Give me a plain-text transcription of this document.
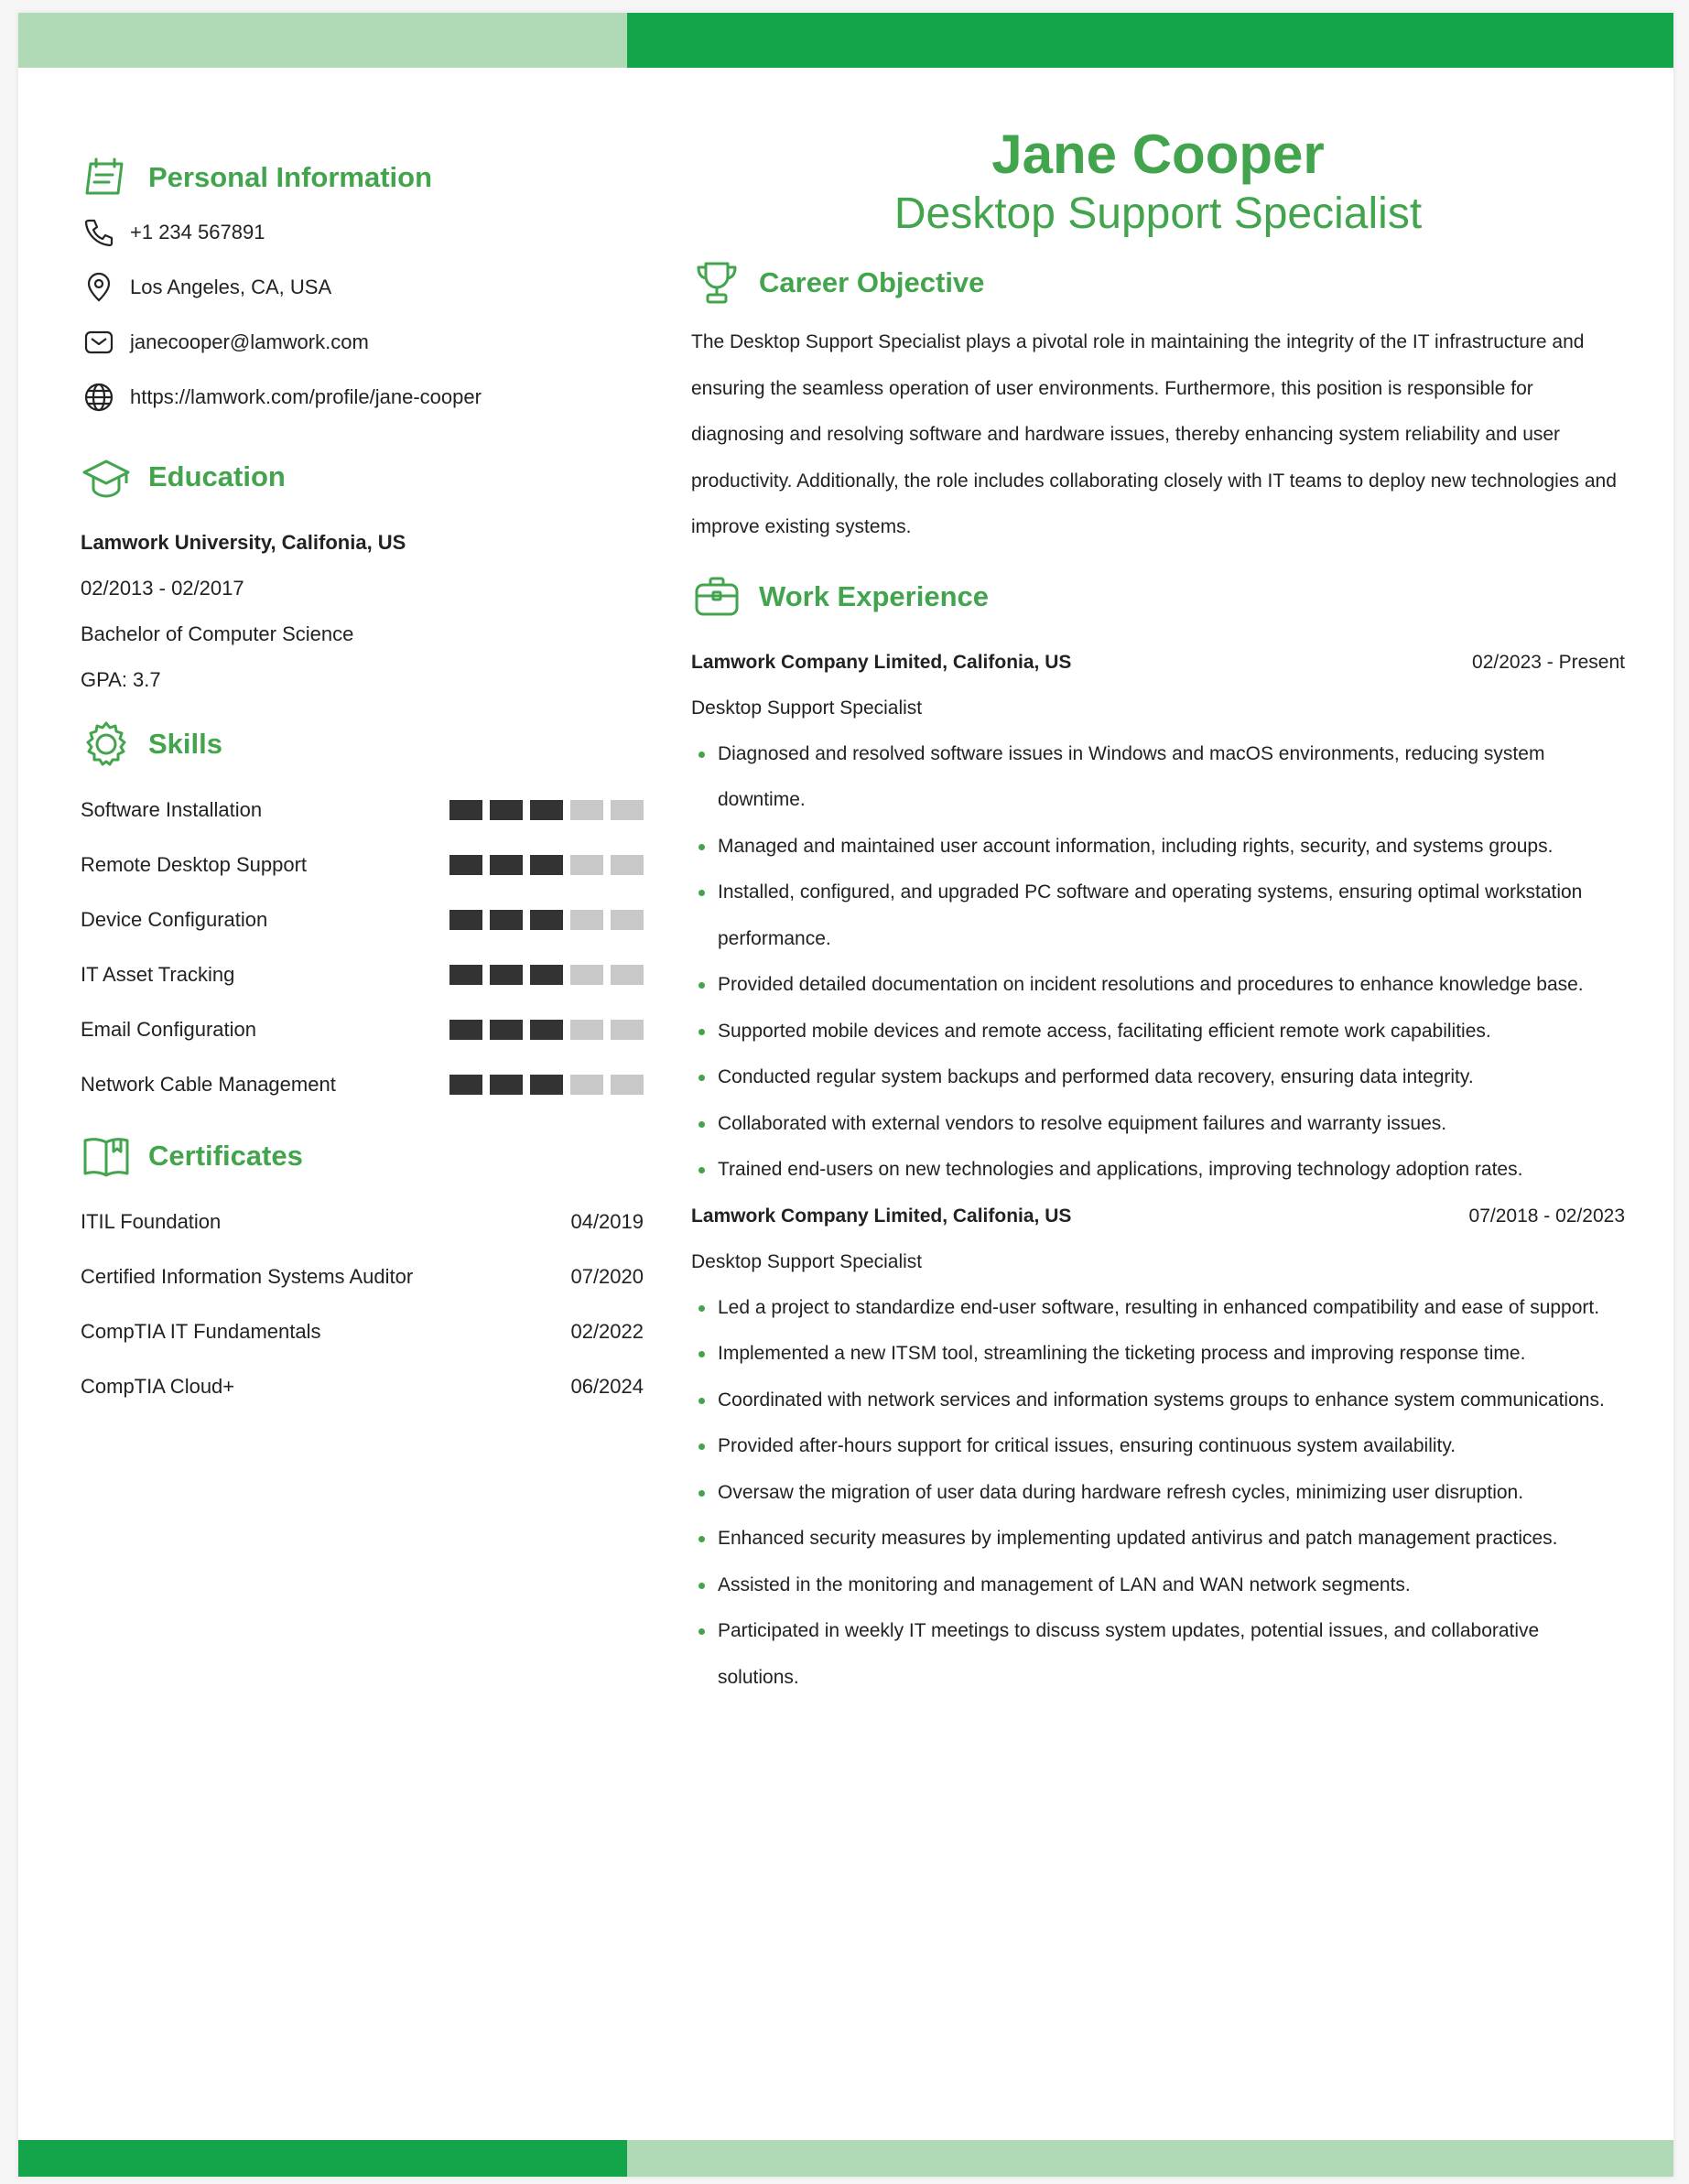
Personal Information
+1 234 567891
Los Angeles, CA, USA
janecooper@lamwork.com
https://lamwork.com/profile/jane-cooper
Education
Lamwork University, Califonia, US
02/2013 - 02/2017
Bachelor of Computer Science
GPA: 3.7
Skills
Software Installation
Remote Desktop Support
Device Configuration
IT Asset Tracking
Email Configuration
Network Cable Management
Certificates
ITIL Foundation	04/2019
Certified Information Systems Auditor	07/2020
CompTIA IT Fundamentals	02/2022
CompTIA Cloud+	06/2024
Jane Cooper
Desktop Support Specialist
Career Objective
The Desktop Support Specialist plays a pivotal role in maintaining the integrity of the IT infrastructure and ensuring the seamless operation of user environments. Furthermore, this position is responsible for diagnosing and resolving software and hardware issues, thereby enhancing system reliability and user productivity. Additionally, the role includes collaborating closely with IT teams to deploy new technologies and improve existing systems.
Work Experience
Lamwork Company Limited, Califonia, US	02/2023 - Present
Desktop Support Specialist
Diagnosed and resolved software issues in Windows and macOS environments, reducing system downtime.
Managed and maintained user account information, including rights, security, and systems groups.
Installed, configured, and upgraded PC software and operating systems, ensuring optimal workstation performance.
Provided detailed documentation on incident resolutions and procedures to enhance knowledge base.
Supported mobile devices and remote access, facilitating efficient remote work capabilities.
Conducted regular system backups and performed data recovery, ensuring data integrity.
Collaborated with external vendors to resolve equipment failures and warranty issues.
Trained end-users on new technologies and applications, improving technology adoption rates.
Lamwork Company Limited, Califonia, US	07/2018 - 02/2023
Desktop Support Specialist
Led a project to standardize end-user software, resulting in enhanced compatibility and ease of support.
Implemented a new ITSM tool, streamlining the ticketing process and improving response time.
Coordinated with network services and information systems groups to enhance system communications.
Provided after-hours support for critical issues, ensuring continuous system availability.
Oversaw the migration of user data during hardware refresh cycles, minimizing user disruption.
Enhanced security measures by implementing updated antivirus and patch management practices.
Assisted in the monitoring and management of LAN and WAN network segments.
Participated in weekly IT meetings to discuss system updates, potential issues, and collaborative solutions.
